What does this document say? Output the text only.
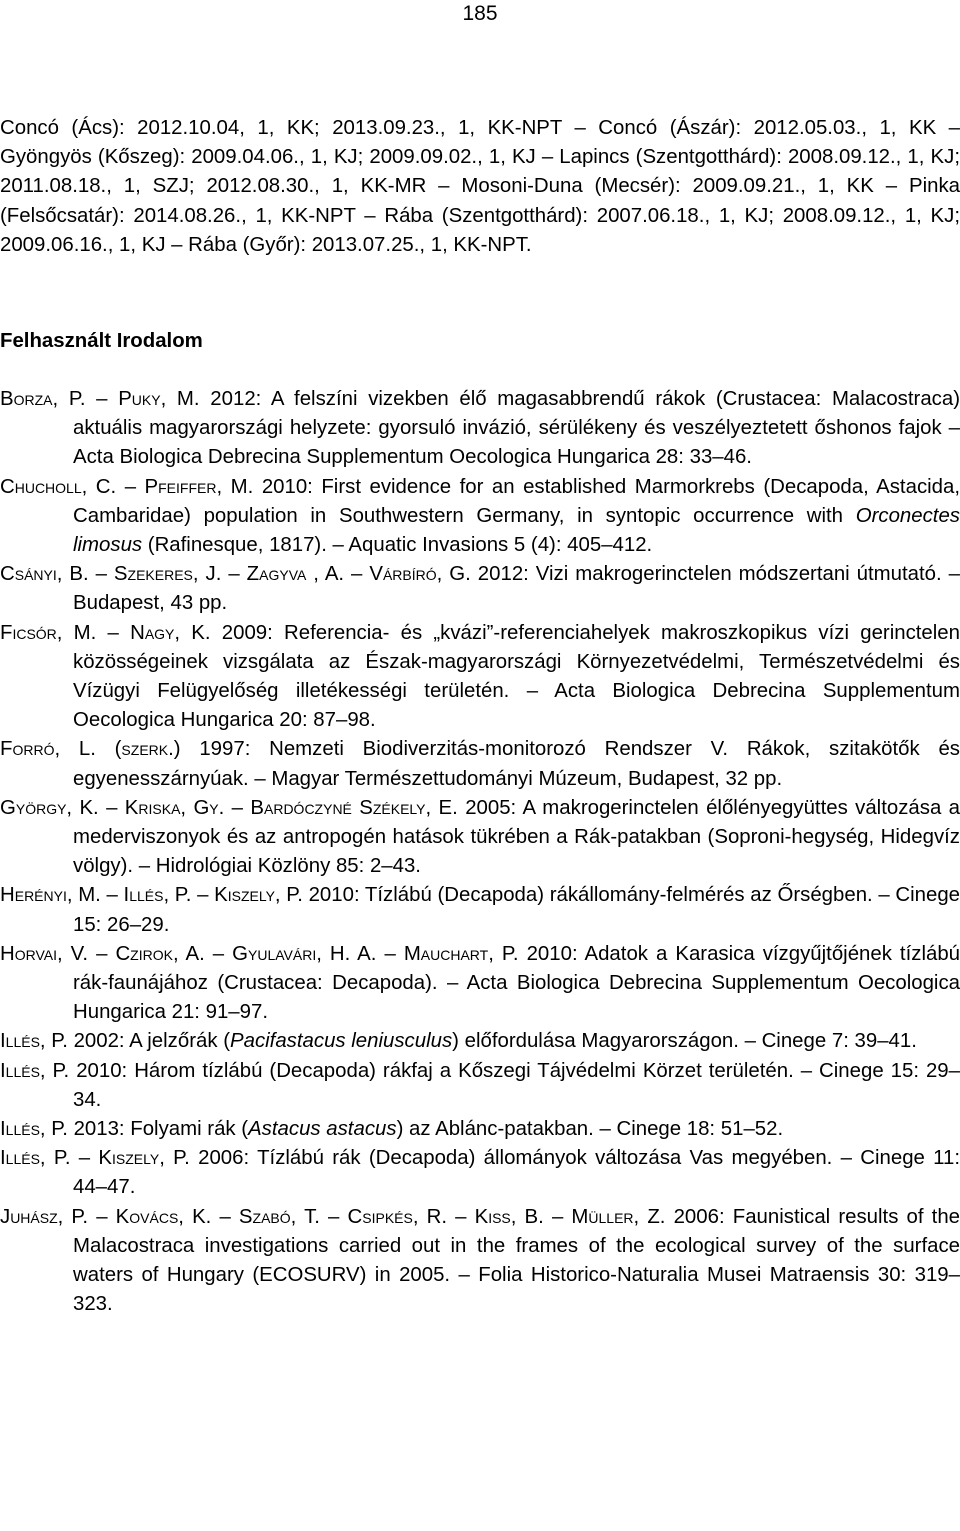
185

Concó (Ács): 2012.10.04, 1, KK; 2013.09.23., 1, KK-NPT – Concó (Ászár): 2012.05.03., 1, KK – Gyöngyös (Kőszeg): 2009.04.06., 1, KJ; 2009.09.02., 1, KJ – Lapincs (Szentgotthárd): 2008.09.12., 1, KJ; 2011.08.18., 1, SZJ; 2012.08.30., 1, KK-MR – Mosoni-Duna (Mecsér): 2009.09.21., 1, KK – Pinka (Felsőcsatár): 2014.08.26., 1, KK-NPT – Rába (Szentgotthárd): 2007.06.18., 1, KJ; 2008.09.12., 1, KJ; 2009.06.16., 1, KJ – Rába (Győr): 2013.07.25., 1, KK-NPT.

Felhasznált Irodalom
Borza, P. – Puky, M. 2012: A felszíni vizekben élő magasabbrendű rákok (Crustacea: Malacostraca) aktuális magyarországi helyzete: gyorsuló invázió, sérülékeny és veszélyeztetett őshonos fajok – Acta Biologica Debrecina Supplementum Oecologica Hungarica 28: 33–46.
Chucholl, C. – Pfeiffer, M. 2010: First evidence for an established Marmorkrebs (Decapoda, Astacida, Cambaridae) population in Southwestern Germany, in syntopic occurrence with Orconectes limosus (Rafinesque, 1817). – Aquatic Invasions 5 (4): 405–412.
Csányi, B. – Szekeres, J. – Zagyva , A. – Várbíró, G. 2012: Vizi makrogerinctelen módszertani útmutató. – Budapest, 43 pp.
Ficsór, M. – Nagy, K. 2009: Referencia- és „kvázi”-referenciahelyek makroszkopikus vízi gerinctelen közösségeinek vizsgálata az Észak-magyarországi Környezetvédelmi, Természetvédelmi és Vízügyi Felügyelőség illetékességi területén. – Acta Biologica Debrecina Supplementum Oecologica Hungarica 20: 87–98.
Forró, L. (szerk.) 1997: Nemzeti Biodiverzitás-monitorozó Rendszer V. Rákok, szitakötők és egyenesszárnyúak. – Magyar Természettudományi Múzeum, Budapest, 32 pp.
György, K. – Kriska, Gy. – Bardóczyné Székely, E. 2005: A makrogerinctelen élőlényegyüttes változása a mederviszonyok és az antropogén hatások tükrében a Rák-patakban (Soproni-hegység, Hidegvíz völgy). – Hidrológiai Közlöny 85: 2–43.
Herényi, M. – Illés, P. – Kiszely, P. 2010: Tízlábú (Decapoda) rákállomány-felmérés az Őrségben. – Cinege 15: 26–29.
Horvai, V. – Czirok, A. – Gyulavári, H. A. – Mauchart, P. 2010: Adatok a Karasica vízgyűjtőjének tízlábú rák-faunájához (Crustacea: Decapoda). – Acta Biologica Debrecina Supplementum Oecologica Hungarica 21: 91–97.
Illés, P. 2002: A jelzőrák (Pacifastacus leniusculus) előfordulása Magyarországon. – Cinege 7: 39–41.
Illés, P. 2010: Három tízlábú (Decapoda) rákfaj a Kőszegi Tájvédelmi Körzet területén. – Cinege 15: 29–34.
Illés, P. 2013: Folyami rák (Astacus astacus) az Ablánc-patakban. – Cinege 18: 51–52.
Illés, P. – Kiszely, P. 2006: Tízlábú rák (Decapoda) állományok változása Vas megyében. – Cinege 11: 44–47.
Juhász, P. – Kovács, K. – Szabó, T. – Csipkés, R. – Kiss, B. – Müller, Z. 2006: Faunistical results of the Malacostraca investigations carried out in the frames of the ecological survey of the surface waters of Hungary (ECOSURV) in 2005. – Folia Historico-Naturalia Musei Matraensis 30: 319–323.
